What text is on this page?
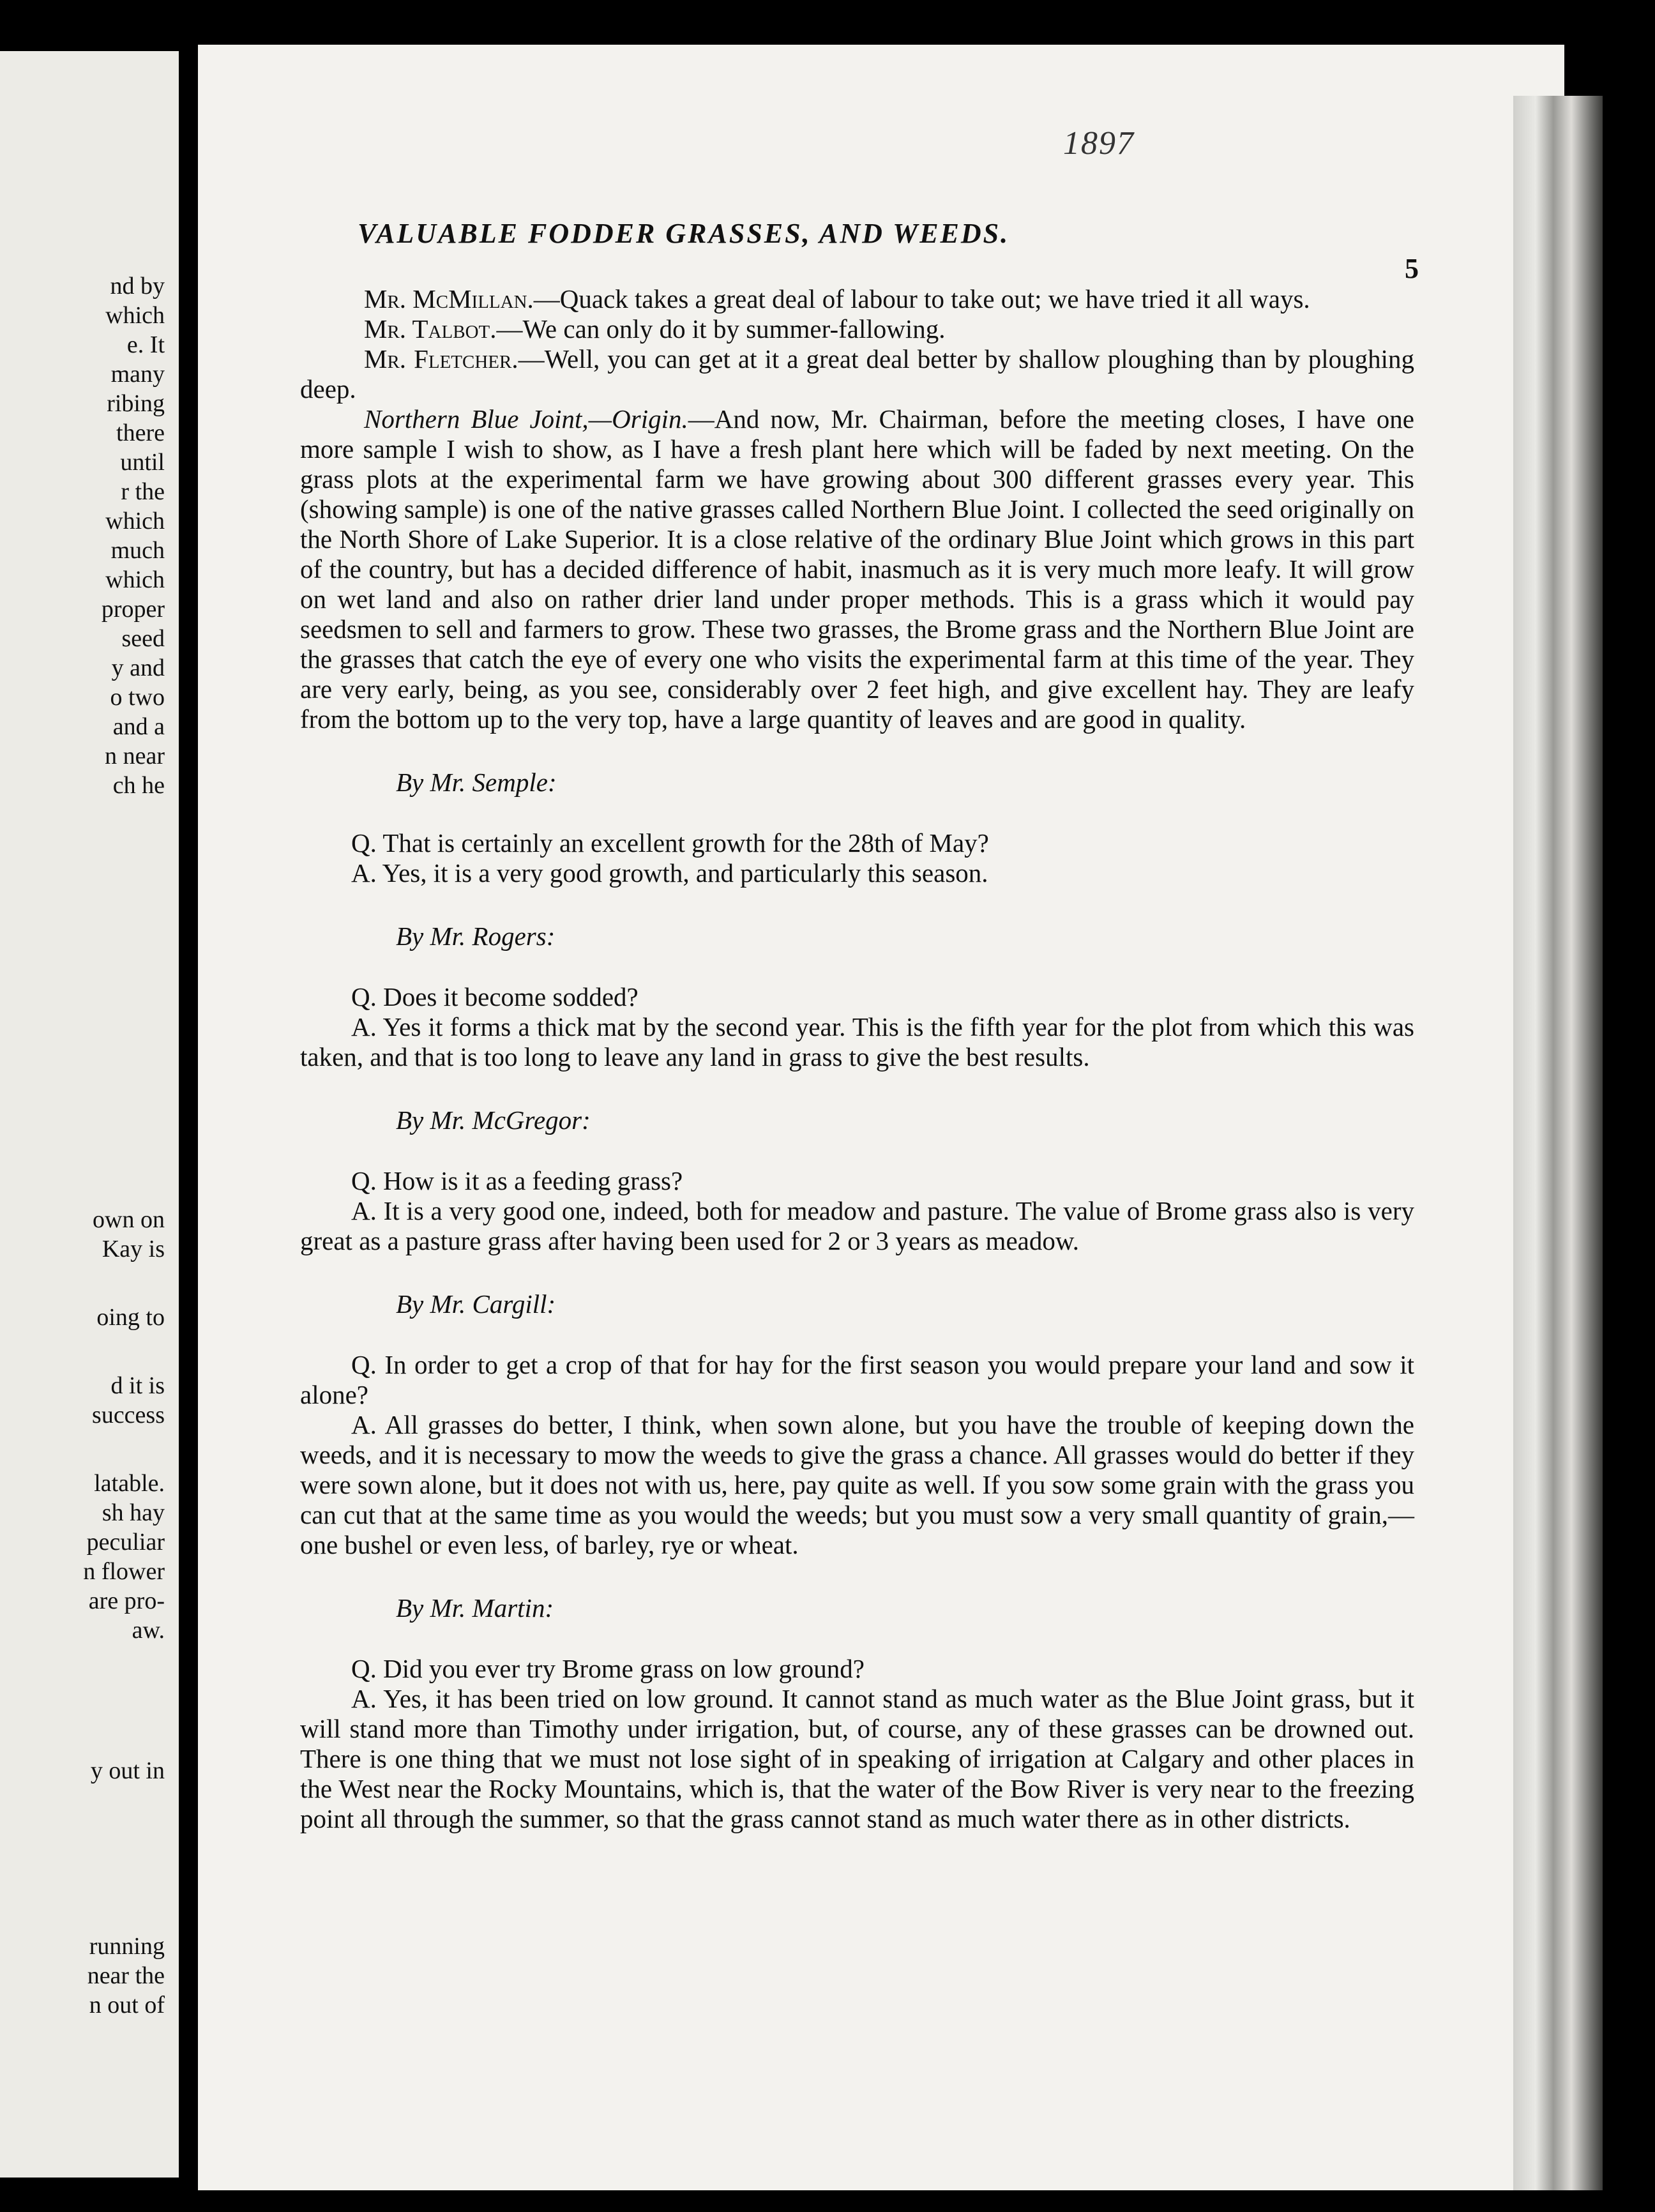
nd by
which
e. It
many
ribing
there
until
r the
which
much
which
proper
seed
y and
o two
and a
n near
ch he
own on
Kay is
oing to
d it is
success
latable.
sh hay
peculiar
n flower
are pro-
aw.
y out in
running
near the
n out of
1897
VALUABLE FODDER GRASSES, AND WEEDS.
5

Mr. McMillan.—Quack takes a great deal of labour to take out; we have tried it all ways.

Mr. Talbot.—We can only do it by summer-fallowing.

Mr. Fletcher.—Well, you can get at it a great deal better by shallow ploughing than by ploughing deep.

Northern Blue Joint,—Origin.—And now, Mr. Chairman, before the meeting closes, I have one more sample I wish to show, as I have a fresh plant here which will be faded by next meeting. On the grass plots at the experimental farm we have growing about 300 different grasses every year. This (showing sample) is one of the native grasses called Northern Blue Joint. I collected the seed originally on the North Shore of Lake Superior. It is a close relative of the ordinary Blue Joint which grows in this part of the country, but has a decided difference of habit, inasmuch as it is very much more leafy. It will grow on wet land and also on rather drier land under proper methods. This is a grass which it would pay seedsmen to sell and farmers to grow. These two grasses, the Brome grass and the Northern Blue Joint are the grasses that catch the eye of every one who visits the experimental farm at this time of the year. They are very early, being, as you see, considerably over 2 feet high, and give excellent hay. They are leafy from the bottom up to the very top, have a large quantity of leaves and are good in quality.

By Mr. Semple:

Q. That is certainly an excellent growth for the 28th of May?

A. Yes, it is a very good growth, and particularly this season.

By Mr. Rogers:

Q. Does it become sodded?

A. Yes it forms a thick mat by the second year. This is the fifth year for the plot from which this was taken, and that is too long to leave any land in grass to give the best results.

By Mr. McGregor:

Q. How is it as a feeding grass?

A. It is a very good one, indeed, both for meadow and pasture. The value of Brome grass also is very great as a pasture grass after having been used for 2 or 3 years as meadow.

By Mr. Cargill:

Q. In order to get a crop of that for hay for the first season you would prepare your land and sow it alone?

A. All grasses do better, I think, when sown alone, but you have the trouble of keeping down the weeds, and it is necessary to mow the weeds to give the grass a chance. All grasses would do better if they were sown alone, but it does not with us, here, pay quite as well. If you sow some grain with the grass you can cut that at the same time as you would the weeds; but you must sow a very small quantity of grain,—one bushel or even less, of barley, rye or wheat.

By Mr. Martin:

Q. Did you ever try Brome grass on low ground?

A. Yes, it has been tried on low ground. It cannot stand as much water as the Blue Joint grass, but it will stand more than Timothy under irrigation, but, of course, any of these grasses can be drowned out. There is one thing that we must not lose sight of in speaking of irrigation at Calgary and other places in the West near the Rocky Mountains, which is, that the water of the Bow River is very near to the freezing point all through the summer, so that the grass cannot stand as much water there as in other districts.
